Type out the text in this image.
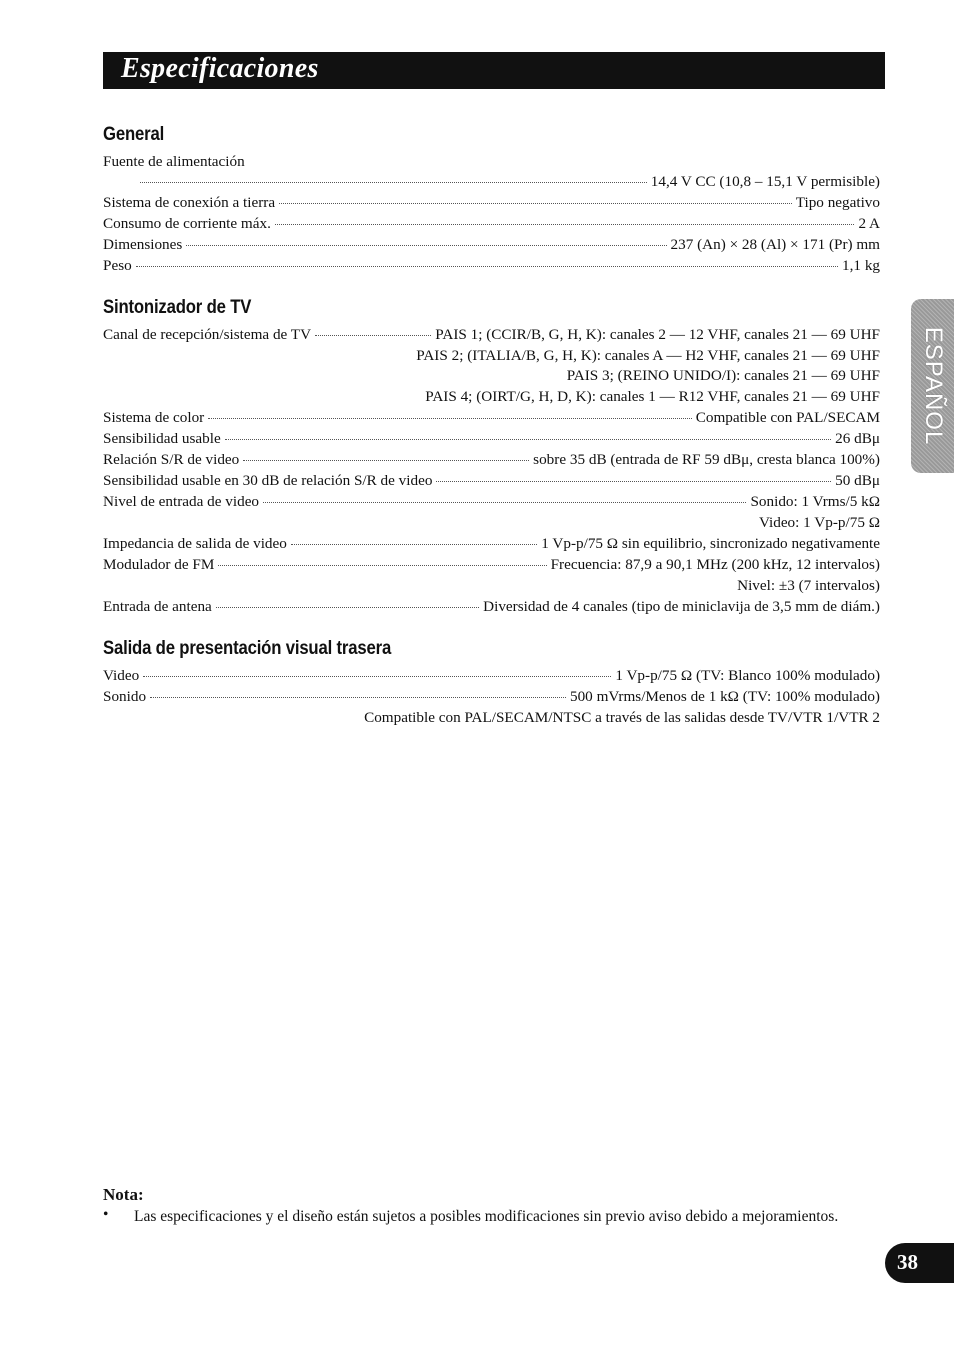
Especificaciones
ESPAÑOL
General
Fuente de alimentación
14,4 V CC (10,8 – 15,1 V permisible)
Sistema de conexión a tierra	Tipo negativo
Consumo de corriente máx.	2 A
Dimensiones	237 (An) × 28 (Al) × 171 (Pr) mm
Peso	1,1 kg
Sintonizador de TV
Canal de recepción/sistema de TV	PAIS 1; (CCIR/B, G, H, K): canales 2 — 12 VHF, canales 21 — 69 UHF
PAIS 2; (ITALIA/B, G, H, K): canales A — H2 VHF, canales 21 — 69 UHF
PAIS 3; (REINO UNIDO/I): canales 21 — 69 UHF
PAIS 4; (OIRT/G, H, D, K): canales 1 — R12 VHF, canales 21 — 69 UHF
Sistema de color	Compatible con PAL/SECAM
Sensibilidad usable	26 dBμ
Relación S/R de video	sobre 35 dB (entrada de RF 59 dBμ, cresta blanca 100%)
Sensibilidad usable en 30 dB de relación S/R de video	50 dBμ
Nivel de entrada de video	Sonido: 1 Vrms/5 kΩ
Video: 1 Vp-p/75 Ω
Impedancia de salida de video	1 Vp-p/75 Ω sin equilibrio, sincronizado negativamente
Modulador de FM	Frecuencia: 87,9 a 90,1 MHz (200 kHz, 12 intervalos)
Nivel: ±3 (7 intervalos)
Entrada de antena	Diversidad de 4 canales (tipo de miniclavija de 3,5 mm de diám.)
Salida de presentación visual trasera
Video	1 Vp-p/75 Ω (TV: Blanco 100% modulado)
Sonido	500 mVrms/Menos de 1 kΩ (TV: 100% modulado)
Compatible con PAL/SECAM/NTSC a través de las salidas desde TV/VTR 1/VTR 2
Nota:
• Las especificaciones y el diseño están sujetos a posibles modificaciones sin previo aviso debido a mejoramientos.
38
